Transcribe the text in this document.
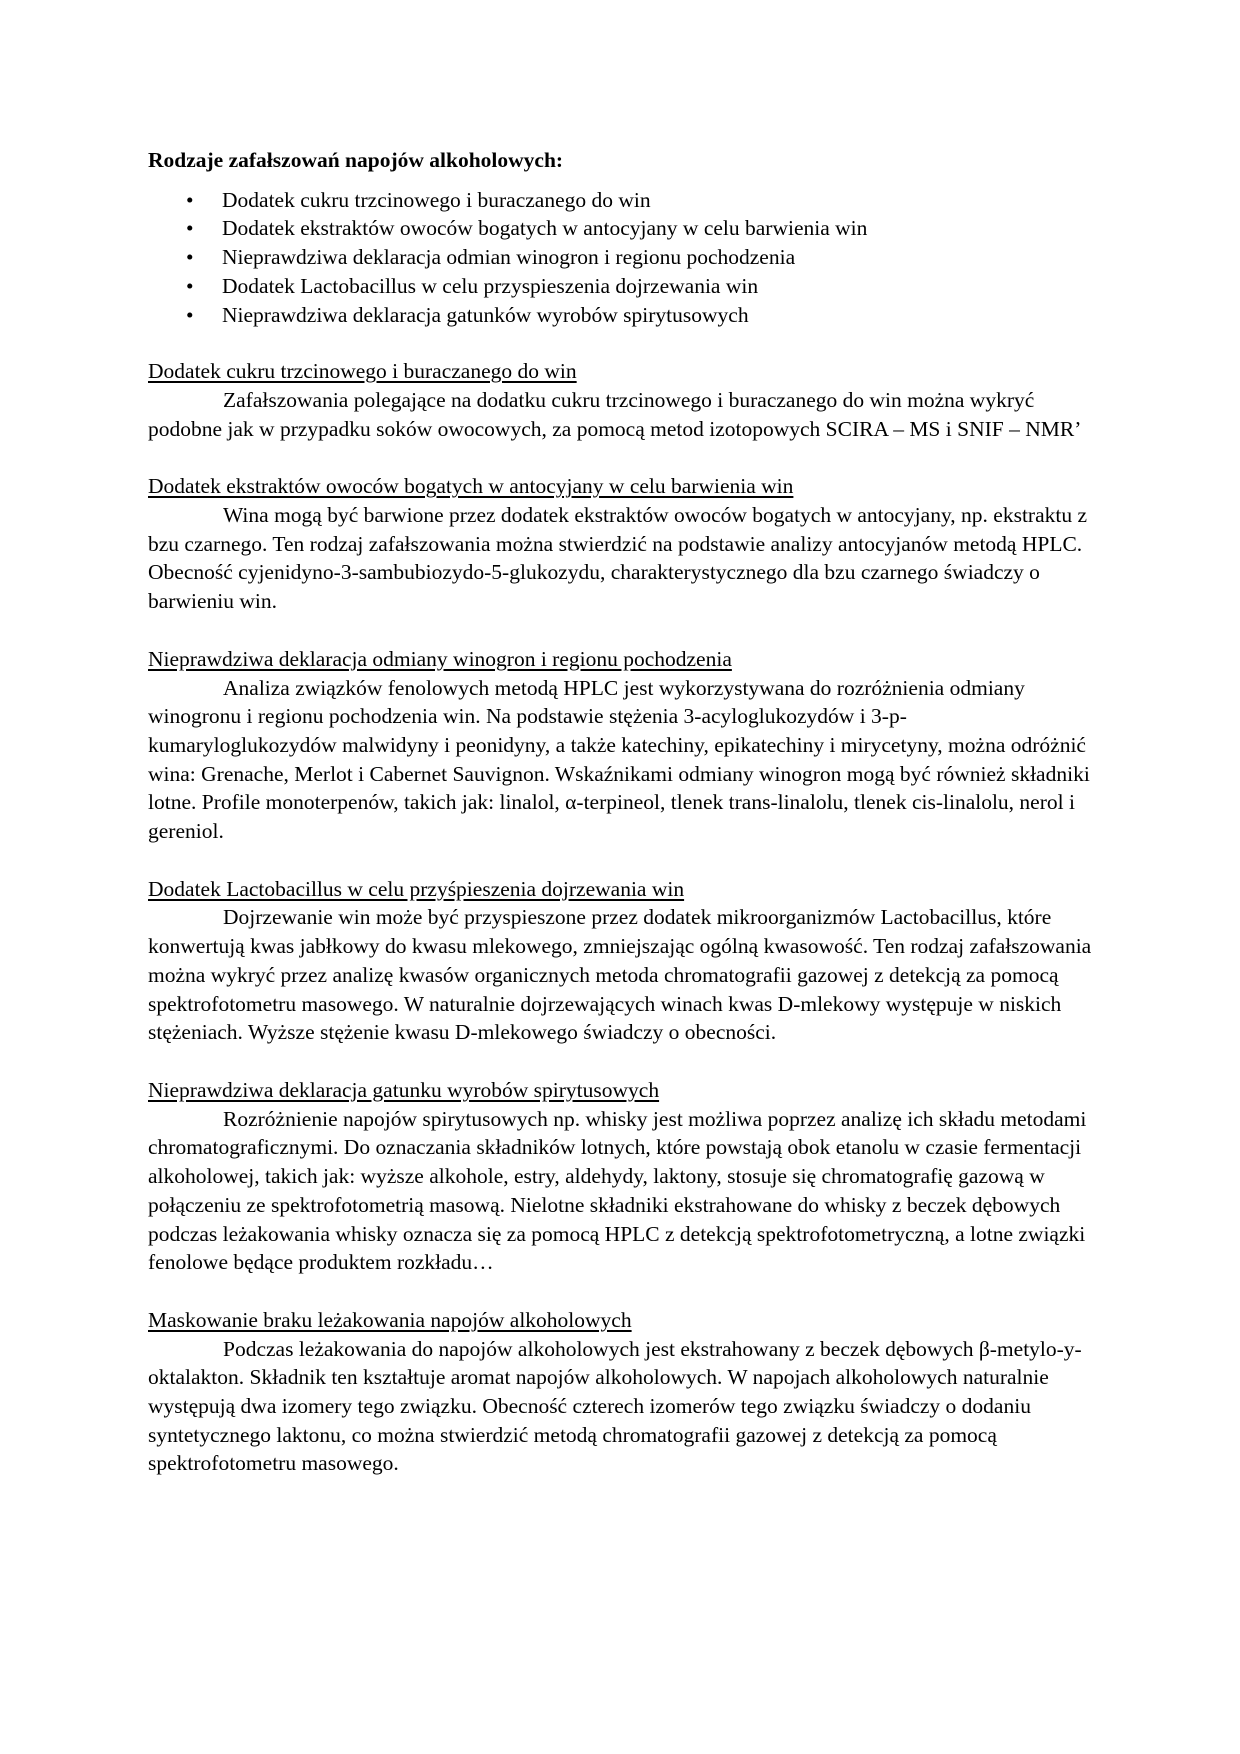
Rodzaje zafałszowań napojów alkoholowych:

• Dodatek cukru trzcinowego i buraczanego do win
• Dodatek ekstraktów owoców bogatych w antocyjany w celu barwienia win
• Nieprawdziwa deklaracja odmian winogron i regionu pochodzenia
• Dodatek Lactobacillus w celu przyspieszenia dojrzewania win
• Nieprawdziwa deklaracja gatunków wyrobów spirytusowych

Dodatek cukru trzcinowego i buraczanego do win

Zafałszowania polegające na dodatku cukru trzcinowego i buraczanego do win można wykryć podobne jak w przypadku soków owocowych, za pomocą metod izotopowych SCIRA – MS i SNIF – NMR’

Dodatek ekstraktów owoców bogatych w antocyjany w celu barwienia win

Wina mogą być barwione przez dodatek ekstraktów owoców bogatych w antocyjany, np. ekstraktu z bzu czarnego. Ten rodzaj zafałszowania można stwierdzić na podstawie analizy antocyjanów metodą HPLC. Obecność cyjenidyno-3-sambubiozydo-5-glukozydu, charakterystycznego dla bzu czarnego świadczy o barwieniu win.

Nieprawdziwa deklaracja odmiany winogron i regionu pochodzenia

Analiza związków fenolowych metodą HPLC jest wykorzystywana do rozróżnienia odmiany winogronu i regionu pochodzenia win. Na podstawie stężenia 3-acyloglukozydów i 3-p-kumaryloglukozydów malwidyny i peonidyny, a także katechiny, epikatechiny i mirycetyny, można odróżnić wina: Grenache, Merlot i Cabernet Sauvignon. Wskaźnikami odmiany winogron mogą być również składniki lotne. Profile monoterpenów, takich jak: linalol, α-terpineol, tlenek trans-linalolu, tlenek cis-linalolu, nerol i gereniol.

Dodatek Lactobacillus w celu przyśpieszenia dojrzewania win

Dojrzewanie win może być przyspieszone przez dodatek mikroorganizmów Lactobacillus, które konwertują kwas jabłkowy do kwasu mlekowego, zmniejszając ogólną kwasowość. Ten rodzaj zafałszowania można wykryć przez analizę kwasów organicznych metoda chromatografii gazowej z detekcją za pomocą spektrofotometru masowego. W naturalnie dojrzewających winach kwas D-mlekowy występuje w niskich stężeniach. Wyższe stężenie kwasu D-mlekowego świadczy o obecności.

Nieprawdziwa deklaracja gatunku wyrobów spirytusowych

Rozróżnienie napojów spirytusowych np. whisky jest możliwa poprzez analizę ich składu metodami chromatograficznymi. Do oznaczania składników lotnych, które powstają obok etanolu w czasie fermentacji alkoholowej, takich jak: wyższe alkohole, estry, aldehydy, laktony, stosuje się chromatografię gazową w połączeniu ze spektrofotometrią masową. Nielotne składniki ekstrahowane do whisky z beczek dębowych podczas leżakowania whisky oznacza się za pomocą HPLC z detekcją spektrofotometryczną, a lotne związki fenolowe będące produktem rozkładu…

Maskowanie braku leżakowania napojów alkoholowych

Podczas leżakowania do napojów alkoholowych jest ekstrahowany z beczek dębowych β-metylo-y-oktalakton. Składnik ten kształtuje aromat napojów alkoholowych. W napojach alkoholowych naturalnie występują dwa izomery tego związku. Obecność czterech izomerów tego związku świadczy o dodaniu syntetycznego laktonu, co można stwierdzić metodą chromatografii gazowej z detekcją za pomocą spektrofotometru masowego.
